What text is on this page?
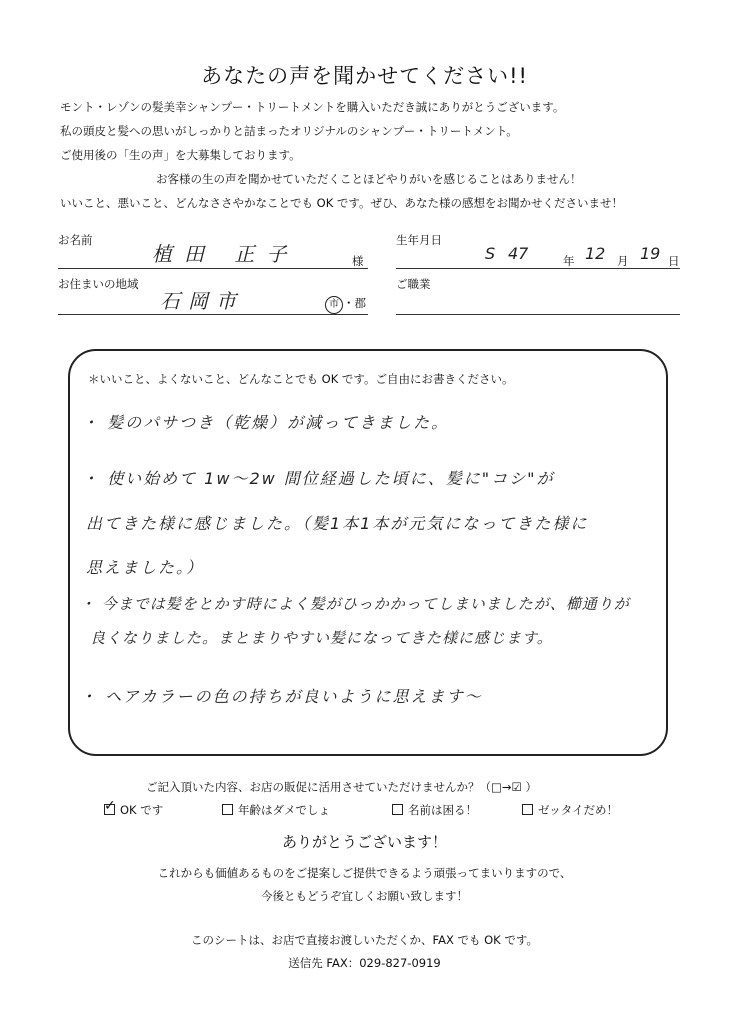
あなたの声を聞かせてください!!
モント・レゾンの髪美幸シャンプー・トリートメントを購入いただき誠にありがとうございます。
私の頭皮と髪への思いがしっかりと詰まったオリジナルのシャンプー・トリートメント。
ご使用後の「生の声」を大募集しております。
お客様の生の声を聞かせていただくことほどやりがいを感じることはありません！
いいこと、悪いこと、どんなささやかなことでも OK です。ぜひ、あなた様の感想をお聞かせくださいませ！
お名前
植田 正子	様
生年月日
S 47	年 12 月 19 日
お住まいの地域
石岡市	市 ・郡
ご職業
＊いいこと、よくないこと、どんなことでも OK です。ご自由にお書きください。
・ 髪のパサつき（乾燥）が減ってきました。
・ 使い始めて 1w〜2w 間位経過した頃に、髪に"コシ"が
出てきた様に感じました。（髪1本1本が元気になってきた様に
思えました。）
・ 今までは髪をとかす時によく髪がひっかかってしまいましたが、櫛通りが
良くなりました。まとまりやすい髪になってきた様に感じます。
・ ヘアカラーの色の持ちが良いように思えます〜
ご記入頂いた内容、お店の販促に活用させていただけませんか？（□→☑ ）
✓OK です	年齢はダメでしょ	名前は困る！	ゼッタイだめ！
ありがとうございます！
これからも価値あるものをご提案しご提供できるよう頑張ってまいりますので、
今後ともどうぞ宜しくお願い致します！
このシートは、お店で直接お渡しいただくか、FAX でも OK です。
送信先 FAX：029-827-0919
